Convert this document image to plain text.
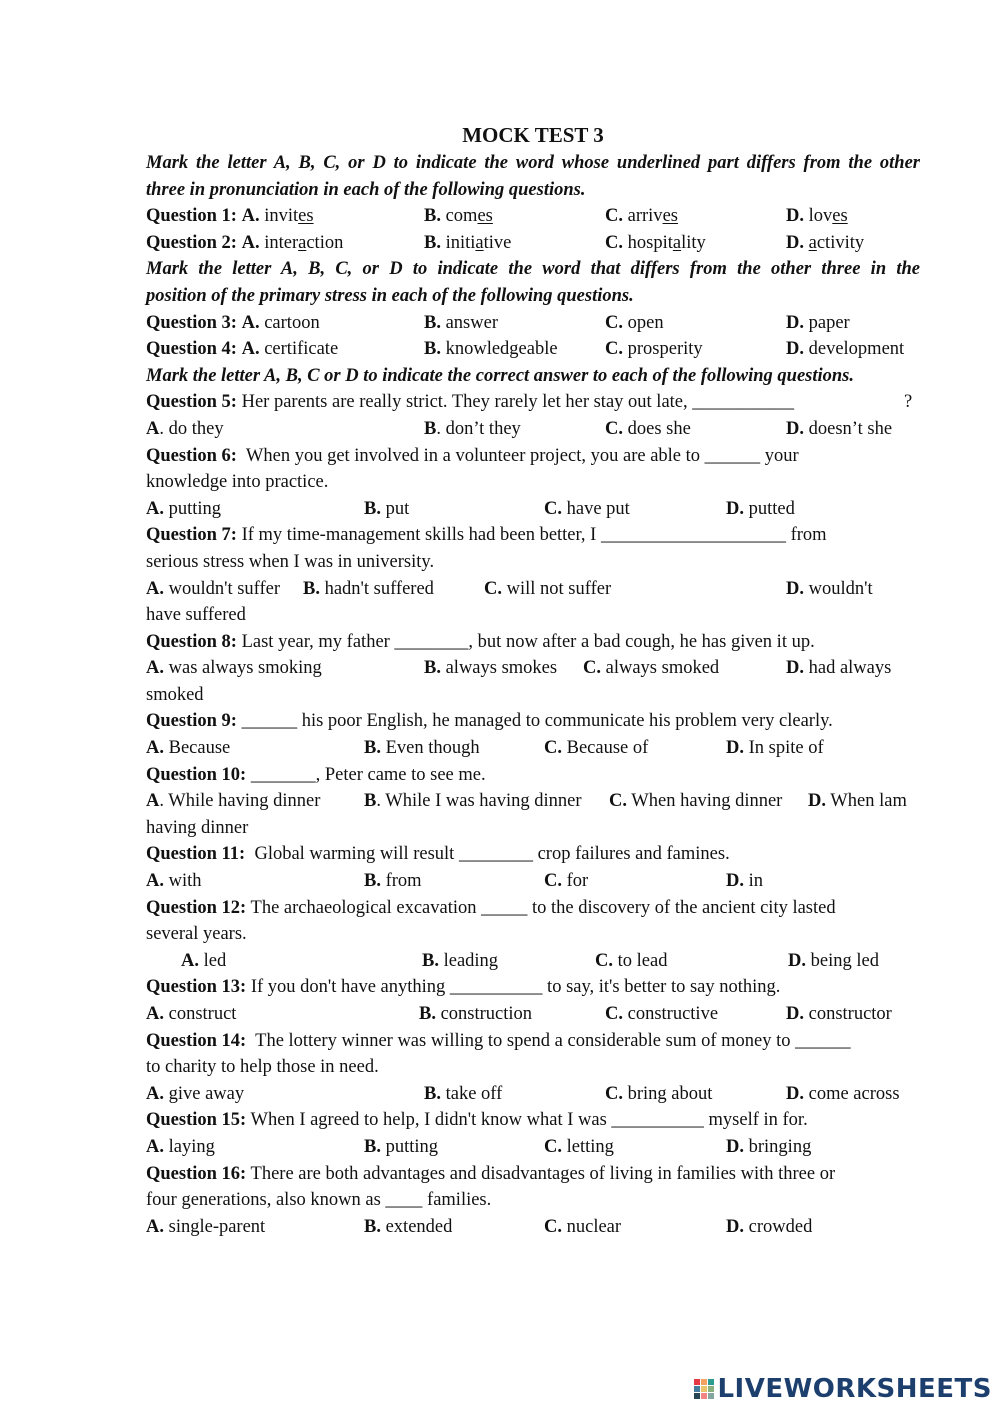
MOCK TEST 3
Mark the letter A, B, C, or D to indicate the word whose underlined part differs from the other
three in pronunciation in each of the following questions.
Question 1: A. invites	B. comes	C. arrives	D. loves
Question 2: A. interaction	B. initiative	C. hospitality	D. activity
Mark the letter A, B, C, or D to indicate the word that differs from the other three in the
position of the primary stress in each of the following questions.
Question 3: A. cartoon	B. answer	C. open	D. paper
Question 4: A. certificate	B. knowledgeable	C. prosperity	D. development
Mark the letter A, B, C or D to indicate the correct answer to each of the following questions.
Question 5: Her parents are really strict. They rarely let her stay out late, ___________	?
A. do they	B. don’t they	C. does she	D. doesn’t she
Question 6: When you get involved in a volunteer project, you are able to ______ your
knowledge into practice.
A. putting	B. put	C. have put	D. putted
Question 7: If my time-management skills had been better, I ____________________ from
serious stress when I was in university.
A. wouldn't suffer B. hadn't suffered	C. will not suffer	D. wouldn't
have suffered
Question 8: Last year, my father ________, but now after a bad cough, he has given it up.
A. was always smoking	B. always smokes C. always smoked	D. had always
smoked
Question 9: ______ his poor English, he managed to communicate his problem very clearly.
A. Because	B. Even though	C. Because of	D. In spite of
Question 10: _______, Peter came to see me.
A. While having dinner B. While I was having dinner C. When having dinner D. When lam
having dinner
Question 11: Global warming will result ________ crop failures and famines.
A. with	B. from	C. for	D. in
Question 12: The archaeological excavation _____ to the discovery of the ancient city lasted
several years.
A. led	B. leading	C. to lead	D. being led
Question 13: If you don't have anything __________ to say, it's better to say nothing.
A. construct	B. construction	C. constructive	D. constructor
Question 14: The lottery winner was willing to spend a considerable sum of money to ______
to charity to help those in need.
A. give away	B. take off	C. bring about	D. come across
Question 15: When I agreed to help, I didn't know what I was __________ myself in for.
A. laying	B. putting	C. letting	D. bringing
Question 16: There are both advantages and disadvantages of living in families with three or
four generations, also known as ____ families.
A. single-parent	B. extended	C. nuclear	D. crowded
LIVEWORKSHEETS
